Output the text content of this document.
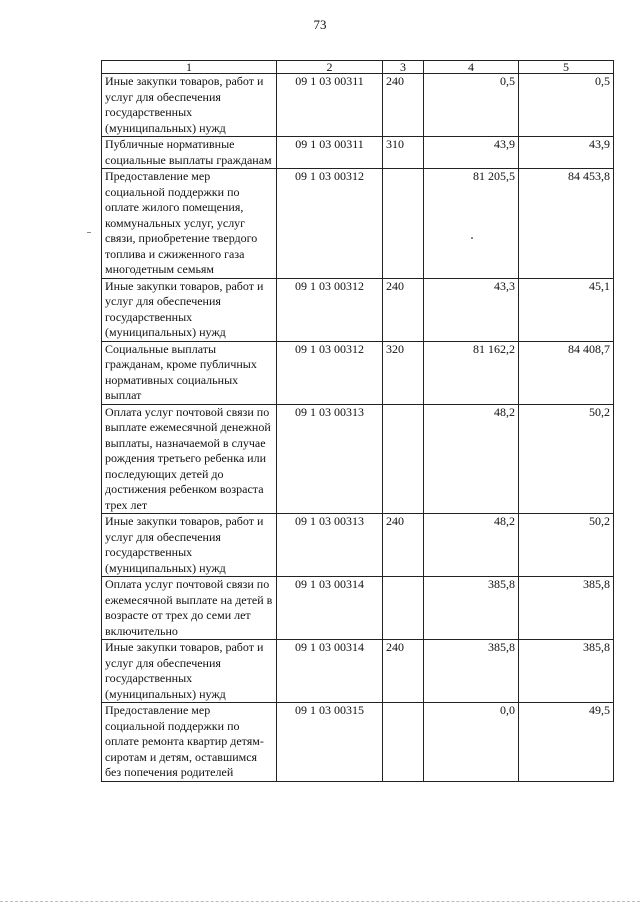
73
1	2	3	4	5
Иные закупки товаров, работ и услуг для обеспечения государственных (муниципальных) нужд	09 1 03 00311	240	0,5	0,5
Публичные нормативные социальные выплаты гражданам	09 1 03 00311	310	43,9	43,9
Предоставление мер социальной поддержки по оплате жилого помещения, коммунальных услуг, услуг связи, приобретение твердого топлива и сжиженного газа многодетным семьям	09 1 03 00312		81 205,5	84 453,8
Иные закупки товаров, работ и услуг для обеспечения государственных (муниципальных) нужд	09 1 03 00312	240	43,3	45,1
Социальные выплаты гражданам, кроме публичных нормативных социальных выплат	09 1 03 00312	320	81 162,2	84 408,7
Оплата услуг почтовой связи по выплате ежемесячной денежной выплаты, назначаемой в случае рождения третьего ребенка или последующих детей до достижения ребенком возраста трех лет	09 1 03 00313		48,2	50,2
Иные закупки товаров, работ и услуг для обеспечения государственных (муниципальных) нужд	09 1 03 00313	240	48,2	50,2
Оплата услуг почтовой связи по ежемесячной выплате на детей в возрасте от трех до семи лет включительно	09 1 03 00314		385,8	385,8
Иные закупки товаров, работ и услуг для обеспечения государственных (муниципальных) нужд	09 1 03 00314	240	385,8	385,8
Предоставление мер социальной поддержки по оплате ремонта квартир детям-сиротам и детям, оставшимся без попечения родителей	09 1 03 00315		0,0	49,5
